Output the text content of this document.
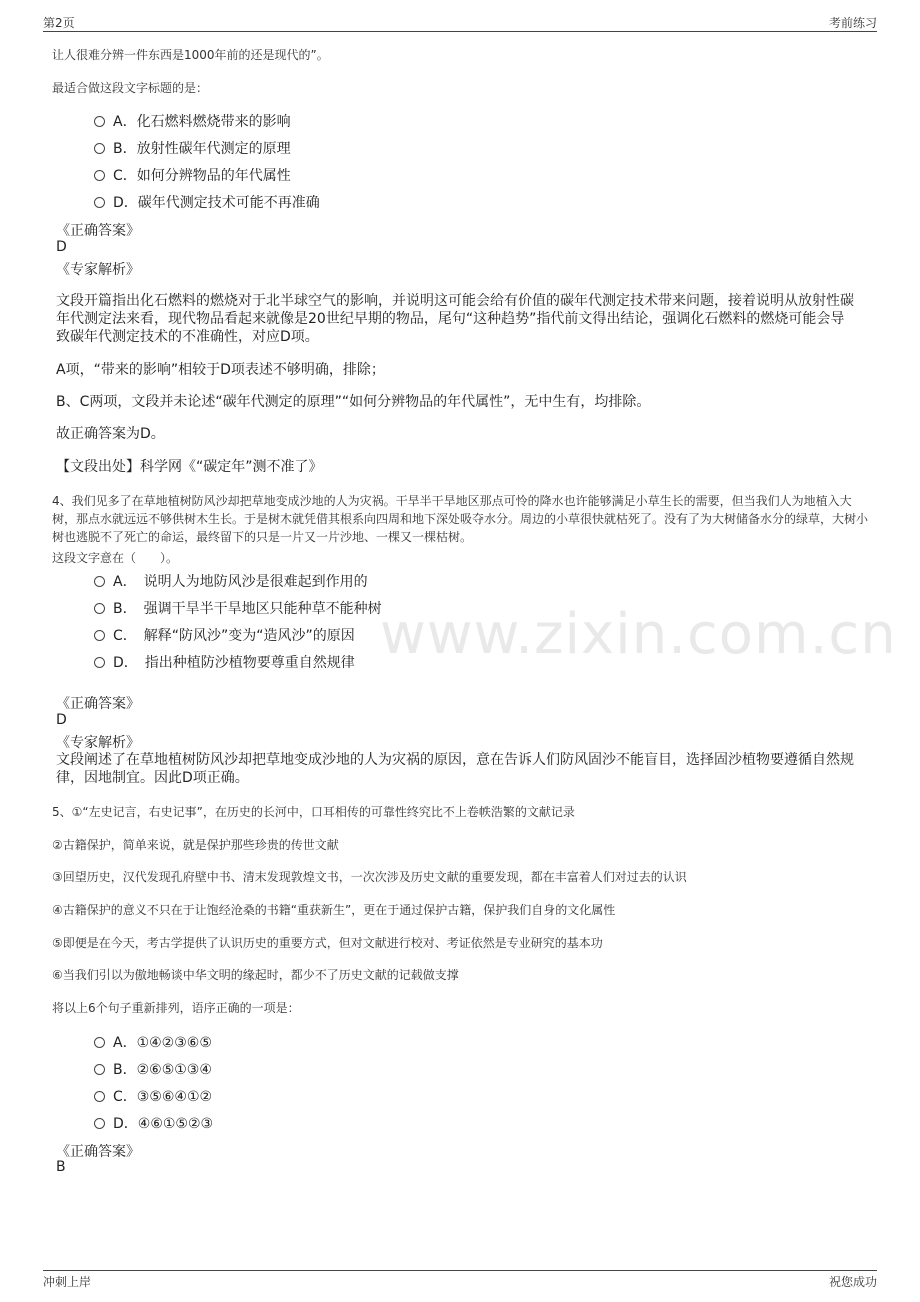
第2页	考前练习
www.zixin.com.cn
让人很难分辨一件东西是1000年前的还是现代的”。
最适合做这段文字标题的是：
A．化石燃料燃烧带来的影响
B．放射性碳年代测定的原理
C．如何分辨物品的年代属性
D．碳年代测定技术可能不再准确
《正确答案》
D
《专家解析》
文段开篇指出化石燃料的燃烧对于北半球空气的影响，并说明这可能会给有价值的碳年代测定技术带来问题，接着说明从放射性碳年代测定法来看，现代物品看起来就像是20世纪早期的物品，尾句“这种趋势”指代前文得出结论，强调化石燃料的燃烧可能会导致碳年代测定技术的不准确性，对应D项。
A项，“带来的影响”相较于D项表述不够明确，排除；
B、C两项，文段并未论述“碳年代测定的原理”“如何分辨物品的年代属性”，无中生有，均排除。
故正确答案为D。
【文段出处】科学网《“碳定年”测不准了》
4、我们见多了在草地植树防风沙却把草地变成沙地的人为灾祸。干旱半干旱地区那点可怜的降水也许能够满足小草生长的需要，但当我们人为地植入大树，那点水就远远不够供树木生长。于是树木就凭借其根系向四周和地下深处吸夺水分。周边的小草很快就枯死了。没有了为大树储备水分的绿草，大树小树也逃脱不了死亡的命运，最终留下的只是一片又一片沙地、一棵又一棵枯树。
这段文字意在（　　）。
A．　说明人为地防风沙是很难起到作用的
B．　强调干旱半干旱地区只能种草不能种树
C．　解释“防风沙”变为“造风沙”的原因
D．　指出种植防沙植物要尊重自然规律
《正确答案》
D
《专家解析》
文段阐述了在草地植树防风沙却把草地变成沙地的人为灾祸的原因，意在告诉人们防风固沙不能盲目，选择固沙植物要遵循自然规律，因地制宜。因此D项正确。
5、①“左史记言，右史记事”，在历史的长河中，口耳相传的可靠性终究比不上卷帙浩繁的文献记录
②古籍保护，简单来说，就是保护那些珍贵的传世文献
③回望历史，汉代发现孔府壁中书、清末发现敦煌文书，一次次涉及历史文献的重要发现，都在丰富着人们对过去的认识
④古籍保护的意义不只在于让饱经沧桑的书籍“重获新生”，更在于通过保护古籍，保护我们自身的文化属性
⑤即便是在今天，考古学提供了认识历史的重要方式，但对文献进行校对、考证依然是专业研究的基本功
⑥当我们引以为傲地畅谈中华文明的缘起时，都少不了历史文献的记载做支撑
将以上6个句子重新排列，语序正确的一项是：
A．①④②③⑥⑤
B．②⑥⑤①③④
C．③⑤⑥④①②
D．④⑥①⑤②③
《正确答案》
B
冲刺上岸	祝您成功
